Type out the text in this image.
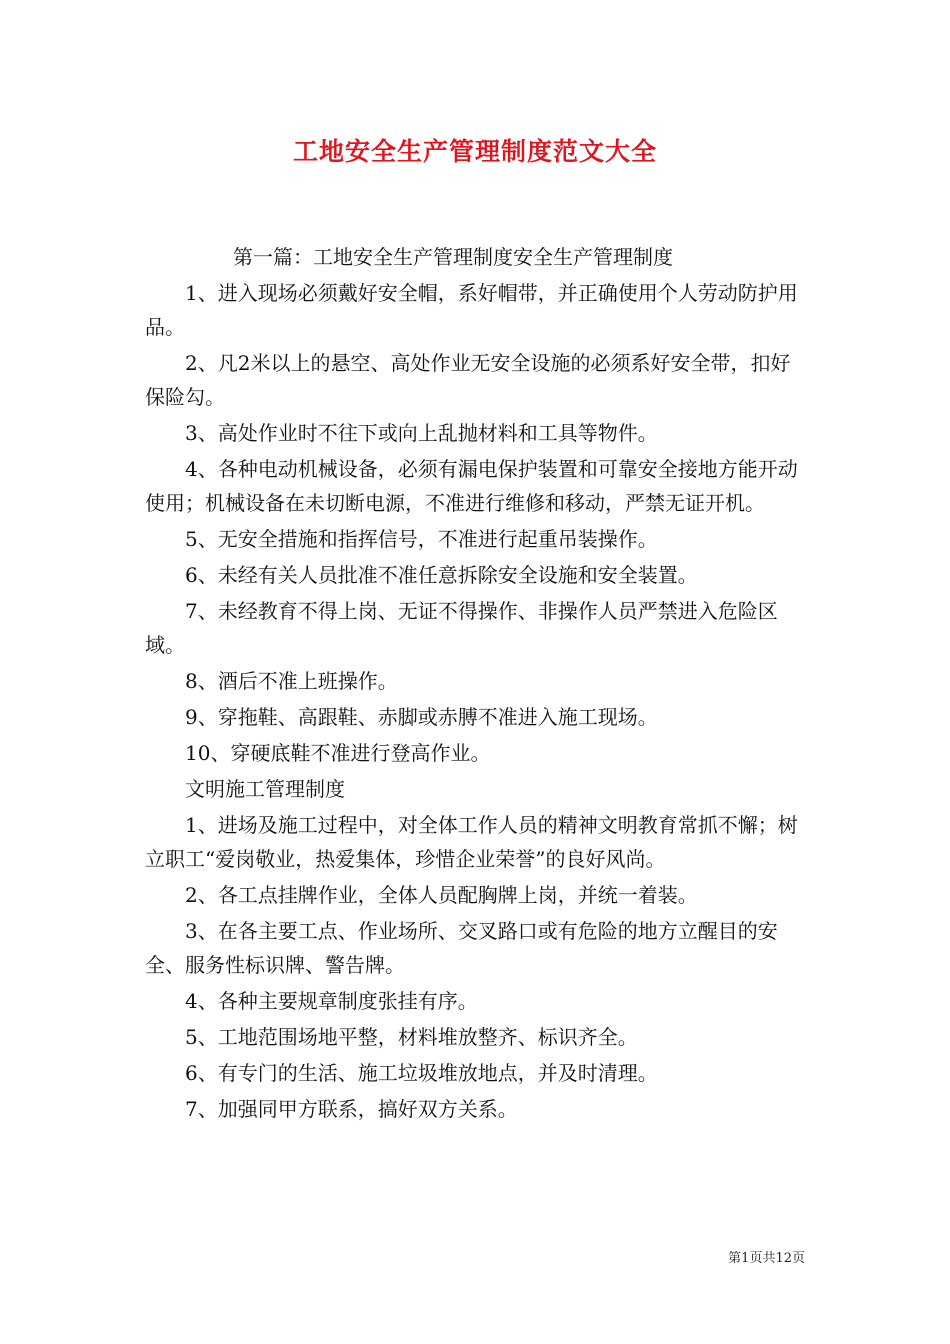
工地安全生产管理制度范文大全

第一篇：工地安全生产管理制度安全生产管理制度

1、进入现场必须戴好安全帽，系好帽带，并正确使用个人劳动防护用品。

2、凡2米以上的悬空、高处作业无安全设施的必须系好安全带，扣好保险勾。

3、高处作业时不往下或向上乱抛材料和工具等物件。

4、各种电动机械设备，必须有漏电保护装置和可靠安全接地方能开动使用；机械设备在未切断电源，不准进行维修和移动，严禁无证开机。

5、无安全措施和指挥信号，不准进行起重吊装操作。

6、未经有关人员批准不准任意拆除安全设施和安全装置。

7、未经教育不得上岗、无证不得操作、非操作人员严禁进入危险区域。

8、酒后不准上班操作。

9、穿拖鞋、高跟鞋、赤脚或赤膊不准进入施工现场。

10、穿硬底鞋不准进行登高作业。

文明施工管理制度

1、进场及施工过程中，对全体工作人员的精神文明教育常抓不懈；树立职工“爱岗敬业，热爱集体，珍惜企业荣誉”的良好风尚。

2、各工点挂牌作业，全体人员配胸牌上岗，并统一着装。

3、在各主要工点、作业场所、交叉路口或有危险的地方立醒目的安全、服务性标识牌、警告牌。

4、各种主要规章制度张挂有序。

5、工地范围场地平整，材料堆放整齐、标识齐全。

6、有专门的生活、施工垃圾堆放地点，并及时清理。

7、加强同甲方联系，搞好双方关系。

第1页共12页
